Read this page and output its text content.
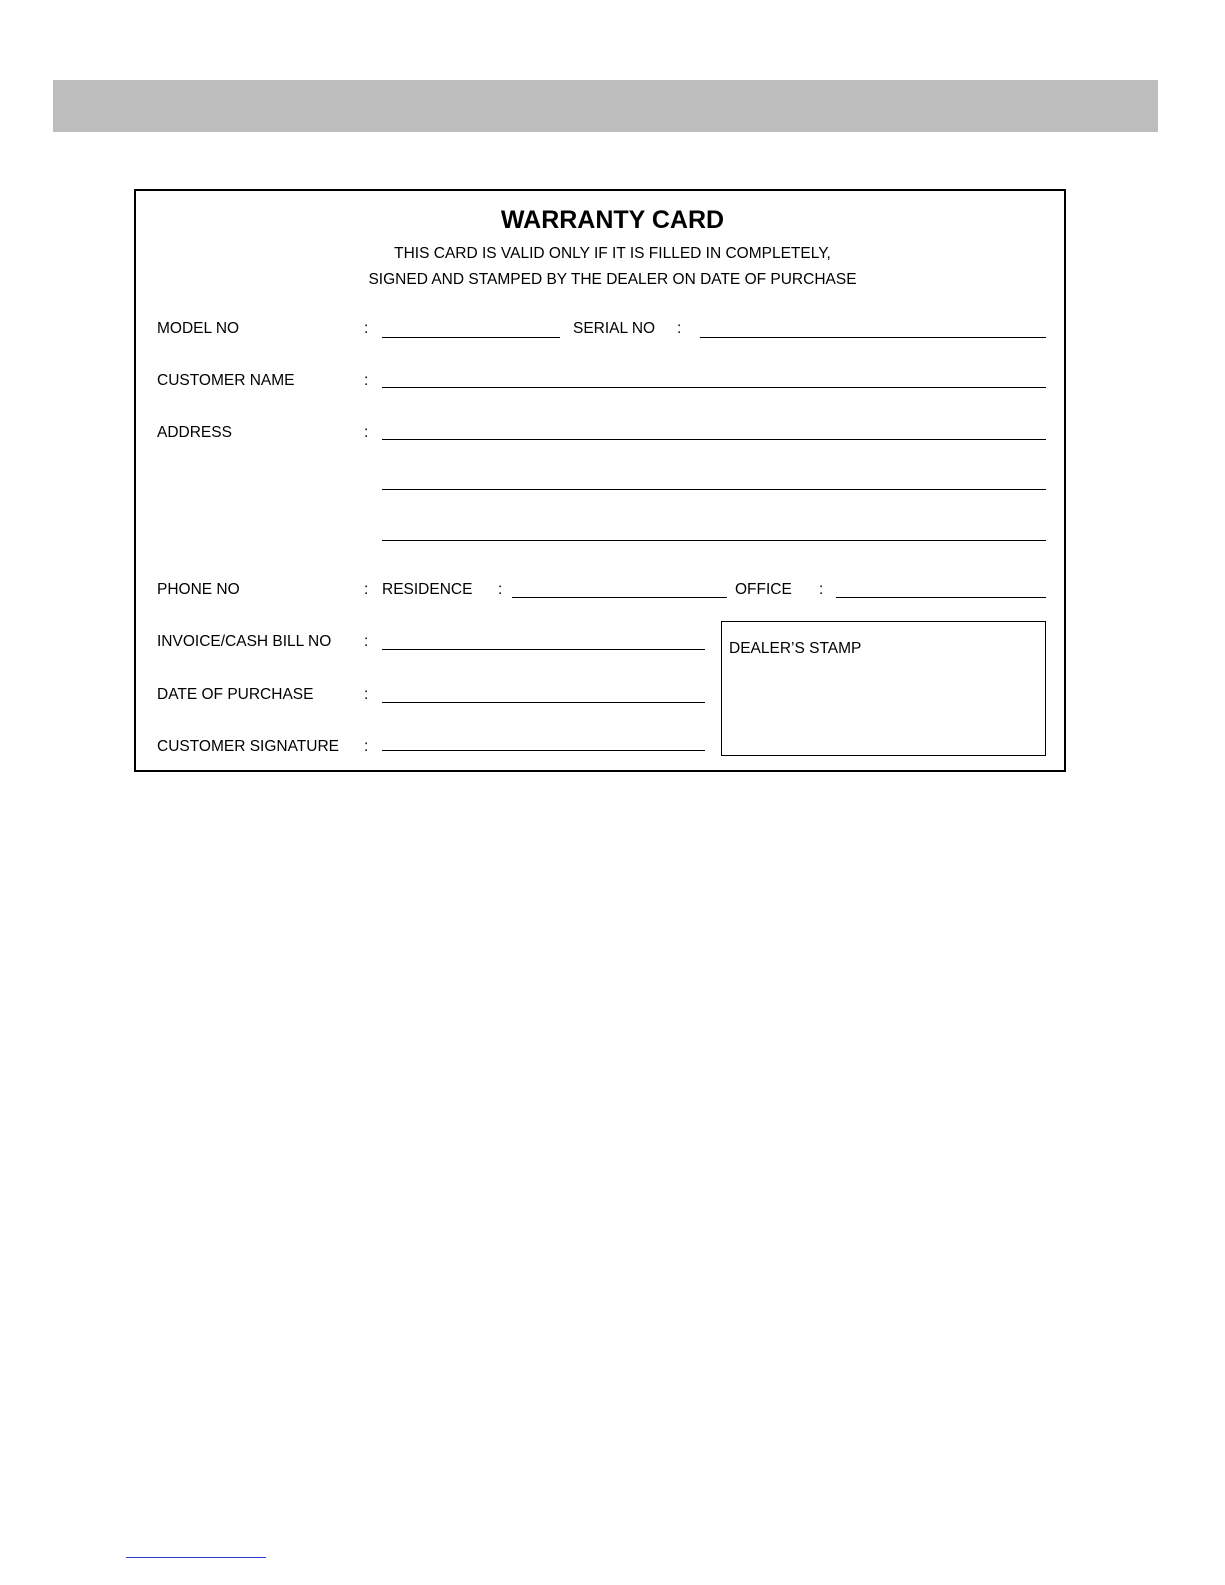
WARRANTY CARD
THIS CARD IS VALID ONLY IF IT IS FILLED IN COMPLETELY,
SIGNED AND STAMPED BY THE DEALER ON DATE OF PURCHASE
MODEL NO	:	SERIAL NO :
CUSTOMER NAME	:
ADDRESS	:
PHONE NO	: RESIDENCE :	OFFICE :
INVOICE/CASH BILL NO :
DATE OF PURCHASE	:
CUSTOMER SIGNATURE :
DEALER’S STAMP
